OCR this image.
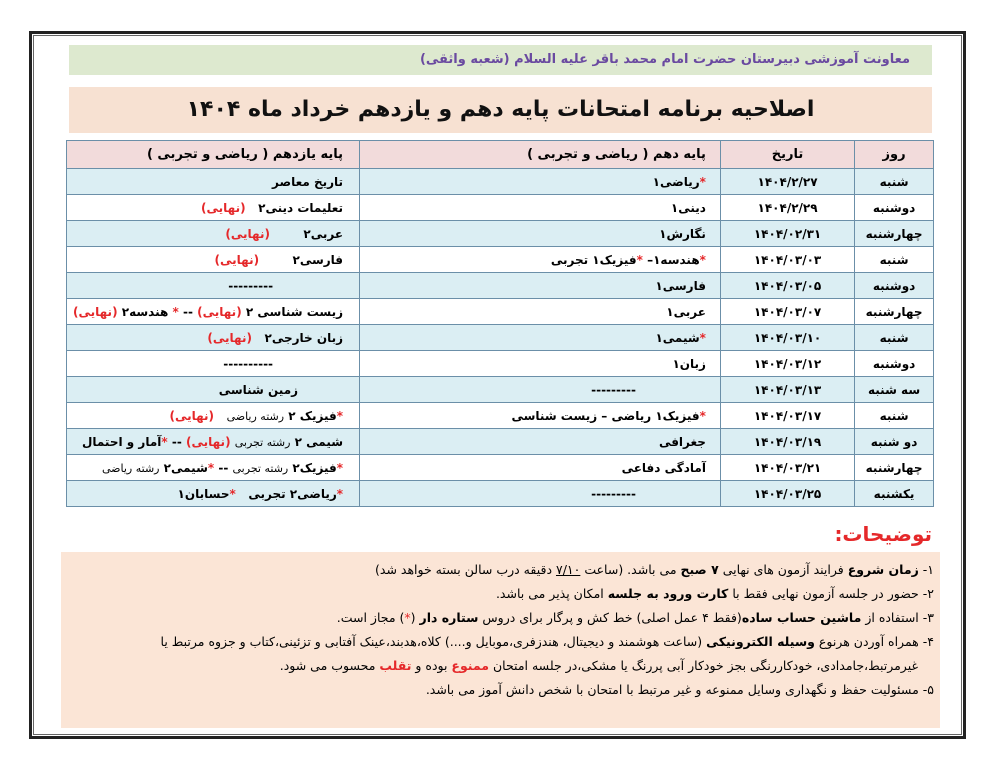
معاونت آموزشی دبیرستان حضرت امام محمد باقر علیه السلام (شعبه واثقی)
اصلاحیه برنامه امتحانات پایه دهم و یازدهم خرداد ماه ۱۴۰۴
روز	تاریخ	پایه دهم ( ریاضی و تجربی )	پایه یازدهم ( ریاضی و تجربی )
شنبه	۱۴۰۴/۲/۲۷	*ریاضی۱	تاریخ معاصر
دوشنبه	۱۴۰۴/۲/۲۹	دینی۱	تعلیمات دینی۲   (نهایی)
چهارشنبه	۱۴۰۴/۰۲/۳۱	نگارش۱	عربی۲        (نهایی)
شنبه	۱۴۰۴/۰۳/۰۳	*هندسه۱– *فیزیک۱ تجربی	فارسی۲        (نهایی)
دوشنبه	۱۴۰۴/۰۳/۰۵	فارسی۱	---------
چهارشنبه	۱۴۰۴/۰۳/۰۷	عربی۱	زیست شناسی ۲ (نهایی) -- * هندسه۲ (نهایی)
شنبه	۱۴۰۴/۰۳/۱۰	*شیمی۱	زبان خارجی۲   (نهایی)
دوشنبه	۱۴۰۴/۰۳/۱۲	زبان۱	----------
سه شنبه	۱۴۰۴/۰۳/۱۳	---------	زمین شناسی
شنبه	۱۴۰۴/۰۳/۱۷	*فیزیک۱ ریاضی – زیست شناسی	*فیزیک ۲ رشته ریاضی   (نهایی)
دو شنبه	۱۴۰۴/۰۳/۱۹	جغرافی	شیمی ۲ رشته تجربی (نهایی) -- *آمار و احتمال
چهارشنبه	۱۴۰۴/۰۳/۲۱	آمادگی دفاعی	*فیزیک۲ رشته تجربی -- *شیمی۲ رشته ریاضی
یکشنبه	۱۴۰۴/۰۳/۲۵	---------	*ریاضی۲ تجربی   *حسابان۱
توضیحات:
۱- زمان شروع فرایند آزمون های نهایی ۷ صبح می باشد. (ساعت ۷/۱۰ دقیقه درب سالن بسته خواهد شد)
۲- حضور در جلسه آزمون نهایی فقط با کارت ورود به جلسه امکان پذیر می باشد.
۳- استفاده از ماشین حساب ساده(فقط ۴ عمل اصلی) خط کش و پرگار برای دروس ستاره دار (*) مجاز است.
۴- همراه آوردن هرنوع وسیله الکترونیکی (ساعت هوشمند و دیجیتال، هندزفری،موبایل و....) کلاه،هدبند،عینک آفتابی و تزئینی،کتاب و جزوه مرتبط یا
غیرمرتبط،جامدادی، خودکاررنگی بجز خودکار آبی پررنگ یا مشکی،در جلسه امتحان ممنوع بوده و تقلب محسوب می شود.
۵- مسئولیت حفظ و نگهداری وسایل ممنوعه و غیر مرتبط با امتحان با شخص دانش آموز می باشد.
